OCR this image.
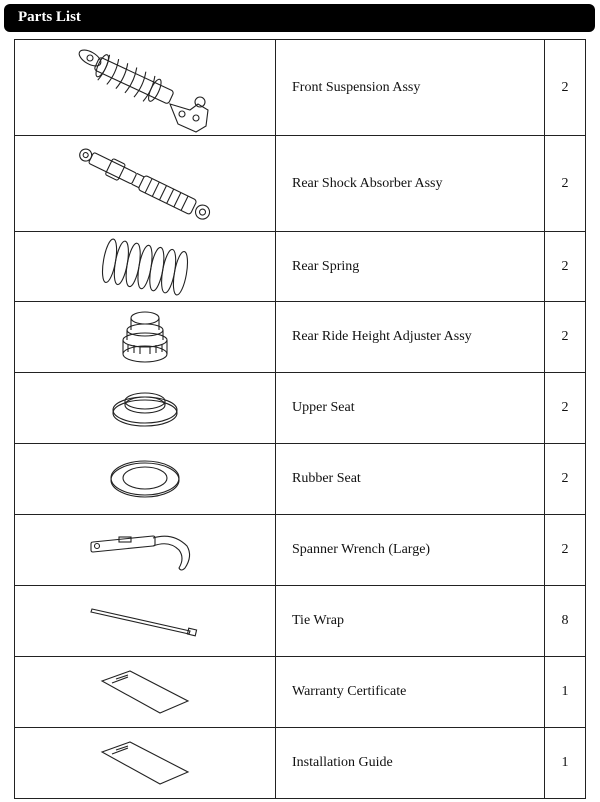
Parts List
	Front Suspension Assy	2

	Rear Shock Absorber Assy	2

	Rear Spring	2

	Rear Ride Height Adjuster Assy	2

	Upper Seat	2

	Rubber Seat	2

	Spanner Wrench (Large)	2

	Tie Wrap	8

	Warranty Certificate	1

	Installation Guide	1
